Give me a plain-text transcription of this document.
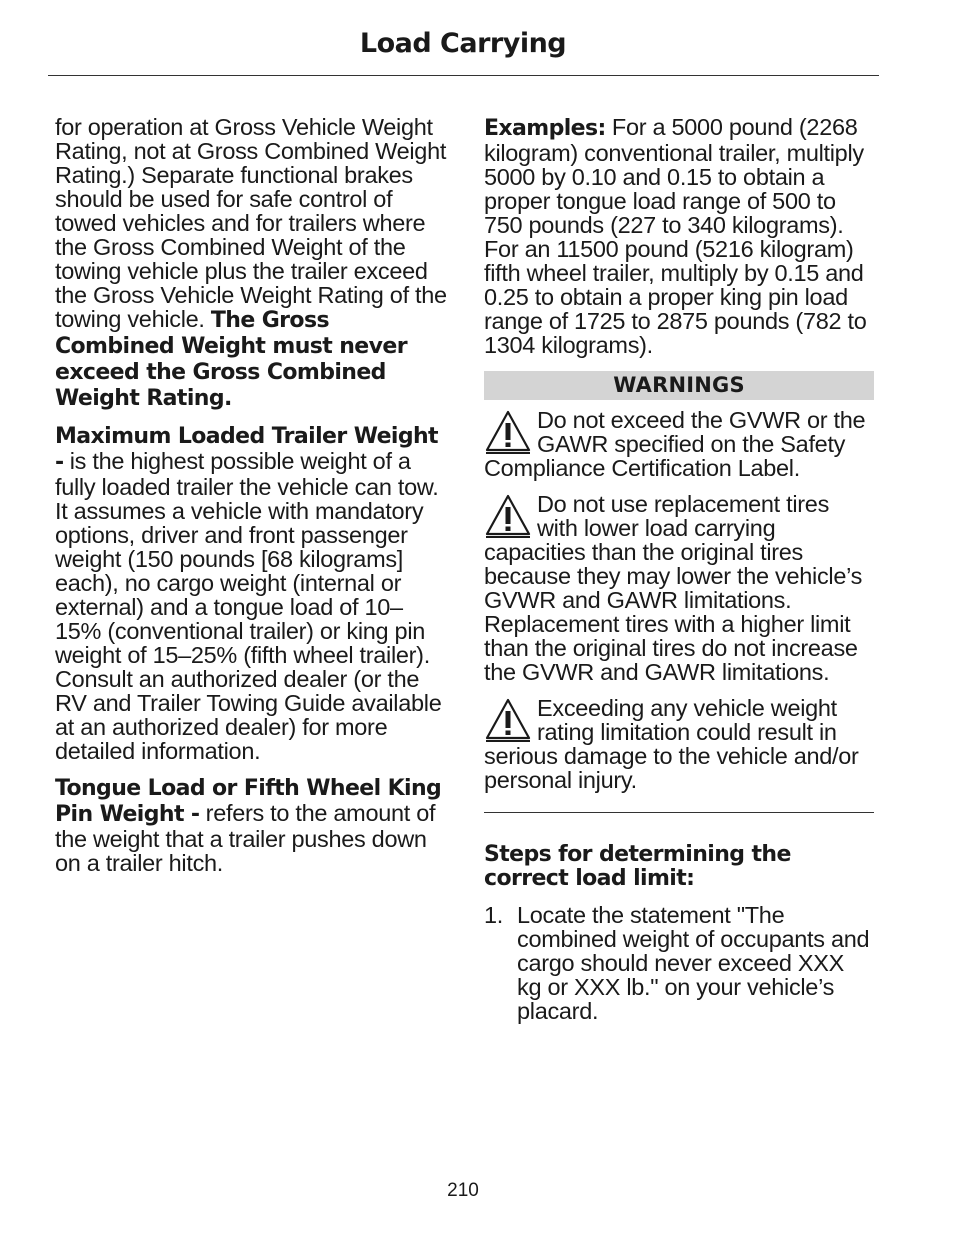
Load Carrying

for operation at Gross Vehicle Weight Rating, not at Gross Combined Weight Rating.) Separate functional brakes should be used for safe control of towed vehicles and for trailers where the Gross Combined Weight of the towing vehicle plus the trailer exceed the Gross Vehicle Weight Rating of the towing vehicle. The Gross Combined Weight must never exceed the Gross Combined Weight Rating.

Maximum Loaded Trailer Weight - is the highest possible weight of a fully loaded trailer the vehicle can tow. It assumes a vehicle with mandatory options, driver and front passenger weight (150 pounds [68 kilograms] each), no cargo weight (internal or external) and a tongue load of 10–15% (conventional trailer) or king pin weight of 15–25% (fifth wheel trailer). Consult an authorized dealer (or the RV and Trailer Towing Guide available at an authorized dealer) for more detailed information.

Tongue Load or Fifth Wheel King Pin Weight - refers to the amount of the weight that a trailer pushes down on a trailer hitch.

Examples: For a 5000 pound (2268 kilogram) conventional trailer, multiply 5000 by 0.10 and 0.15 to obtain a proper tongue load range of 500 to 750 pounds (227 to 340 kilograms). For an 11500 pound (5216 kilogram) fifth wheel trailer, multiply by 0.15 and 0.25 to obtain a proper king pin load range of 1725 to 2875 pounds (782 to 1304 kilograms).

WARNINGS
Do not exceed the GVWR or the GAWR specified on the Safety Compliance Certification Label.
Do not use replacement tires with lower load carrying capacities than the original tires because they may lower the vehicle’s GVWR and GAWR limitations. Replacement tires with a higher limit than the original tires do not increase the GVWR and GAWR limitations.
Exceeding any vehicle weight rating limitation could result in serious damage to the vehicle and/or personal injury.

Steps for determining the correct load limit:

1. Locate the statement "The combined weight of occupants and cargo should never exceed XXX kg or XXX lb." on your vehicle’s placard.
210
